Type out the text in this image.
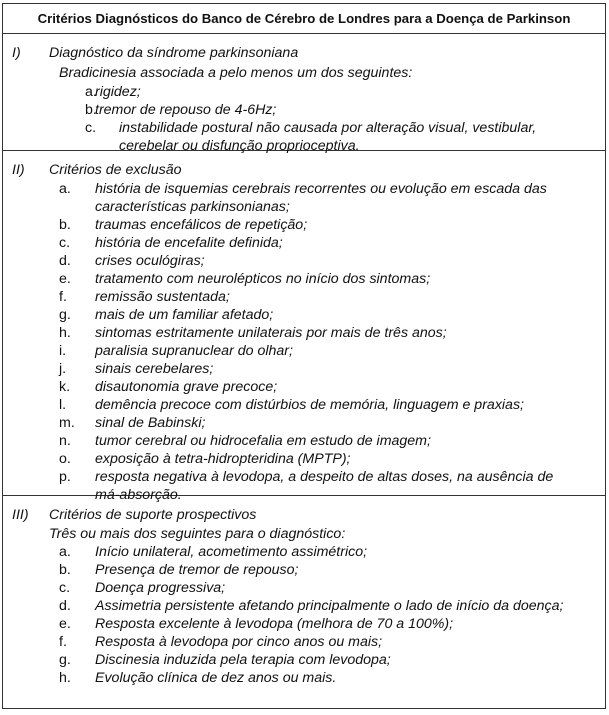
Critérios Diagnósticos do Banco de Cérebro de Londres para a Doença de Parkinson
I) Diagnóstico da síndrome parkinsoniana
Bradicinesia associada a pelo menos um dos seguintes:
a.
rigidez;
b.
tremor de repouso de 4-6Hz;
c. instabilidade postural não causada por alteração visual, vestibular, cerebelar ou disfunção proprioceptiva.
II) Critérios de exclusão
a. história de isquemias cerebrais recorrentes ou evolução em escada das características parkinsonianas;
b. traumas encefálicos de repetição;
c. história de encefalite definida;
d. crises oculógiras;
e. tratamento com neurolépticos no início dos sintomas;
f. remissão sustentada;
g. mais de um familiar afetado;
h. sintomas estritamente unilaterais por mais de três anos;
i. paralisia supranuclear do olhar;
j. sinais cerebelares;
k. disautonomia grave precoce;
l. demência precoce com distúrbios de memória, linguagem e praxias;
m. sinal de Babinski;
n. tumor cerebral ou hidrocefalia em estudo de imagem;
o. exposição à tetra-hidropteridina (MPTP);
p. resposta negativa à levodopa, a despeito de altas doses, na ausência de má-absorção.
III) Critérios de suporte prospectivos
Três ou mais dos seguintes para o diagnóstico:
a. Início unilateral, acometimento assimétrico;
b. Presença de tremor de repouso;
c. Doença progressiva;
d. Assimetria persistente afetando principalmente o lado de início da doença;
e. Resposta excelente à levodopa (melhora de 70 a 100%);
f. Resposta à levodopa por cinco anos ou mais;
g. Discinesia induzida pela terapia com levodopa;
h. Evolução clínica de dez anos ou mais.
